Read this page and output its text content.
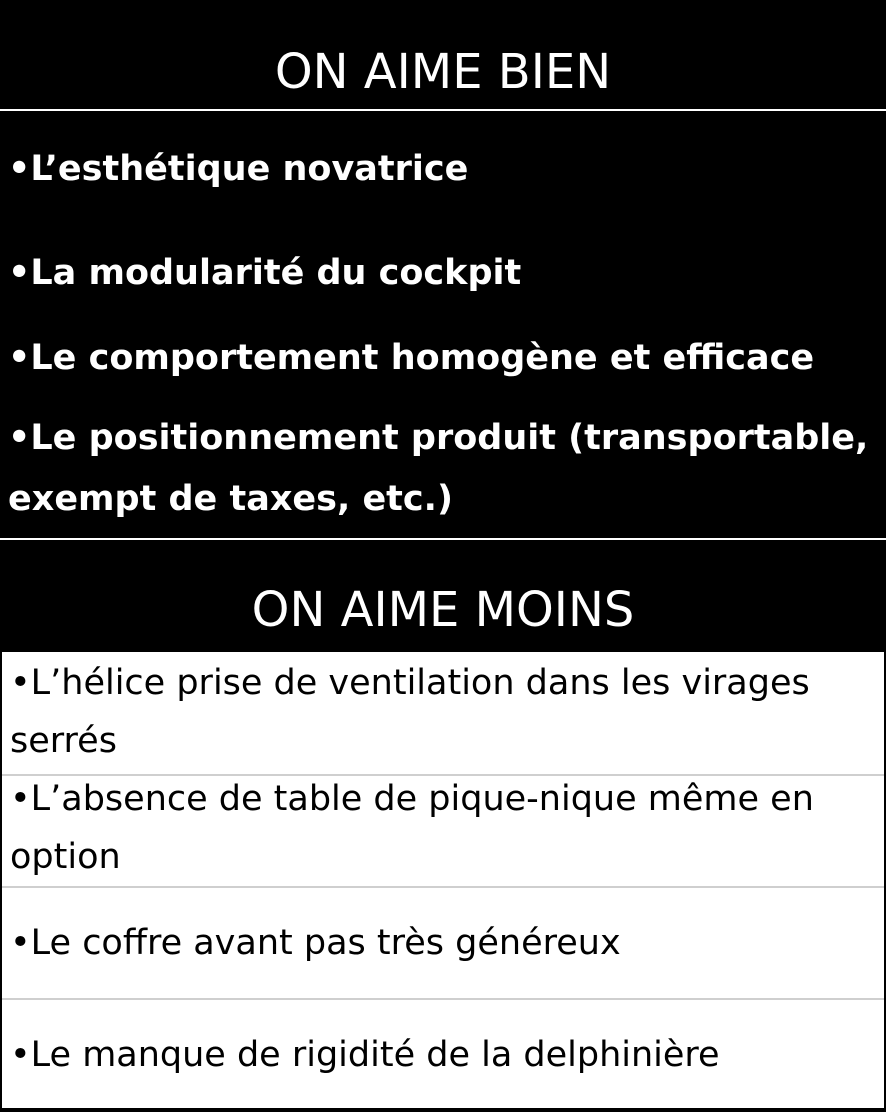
ON AIME BIEN
•L’esthétique novatrice
•La modularité du cockpit
•Le comportement homogène et efficace
•Le positionnement produit (transportable, exempt de taxes, etc.)
ON AIME MOINS
•L’hélice prise de ventilation dans les virages serrés
•L’absence de table de pique-nique même en option
•Le coffre avant pas très généreux
•Le manque de rigidité de la delphinière
